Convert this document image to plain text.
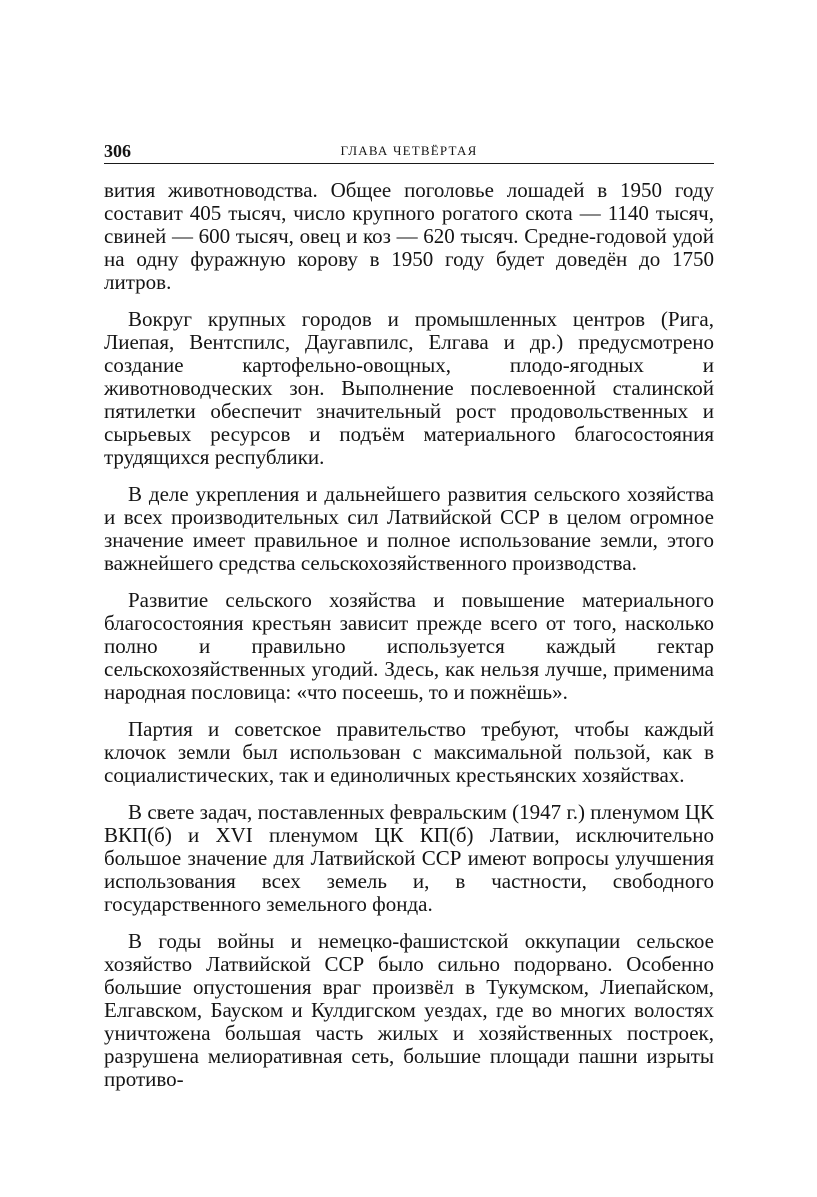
306	ГЛАВА ЧЕТВЁРТАЯ

вития животноводства. Общее поголовье лошадей в 1950 году составит 405 тысяч, число крупного рогатого скота — 1140 тысяч, свиней — 600 тысяч, овец и коз — 620 тысяч. Средне-годовой удой на одну фуражную корову в 1950 году будет доведён до 1750 литров.

Вокруг крупных городов и промышленных центров (Рига, Лиепая, Вентспилс, Даугавпилс, Елгава и др.) предусмотрено создание картофельно-овощных, плодо-ягодных и животноводческих зон. Выполнение послевоенной сталинской пятилетки обеспечит значительный рост продовольственных и сырьевых ресурсов и подъём материального благосостояния трудящихся республики.

В деле укрепления и дальнейшего развития сельского хозяйства и всех производительных сил Латвийской ССР в целом огромное значение имеет правильное и полное использование земли, этого важнейшего средства сельскохозяйственного производства.

Развитие сельского хозяйства и повышение материального благосостояния крестьян зависит прежде всего от того, насколько полно и правильно используется каждый гектар сельскохозяйственных угодий. Здесь, как нельзя лучше, применима народная пословица: «что посеешь, то и пожнёшь».

Партия и советское правительство требуют, чтобы каждый клочок земли был использован с максимальной пользой, как в социалистических, так и единоличных крестьянских хозяйствах.

В свете задач, поставленных февральским (1947 г.) пленумом ЦК ВКП(б) и XVI пленумом ЦК КП(б) Латвии, исключительно большое значение для Латвийской ССР имеют вопросы улучшения использования всех земель и, в частности, свободного государственного земельного фонда.

В годы войны и немецко-фашистской оккупации сельское хозяйство Латвийской ССР было сильно подорвано. Особенно большие опустошения враг произвёл в Тукумском, Лиепайском, Елгавском, Бауском и Кулдигском уездах, где во многих волостях уничтожена большая часть жилых и хозяйственных построек, разрушена мелиоративная сеть, большие площади пашни изрыты противо-
